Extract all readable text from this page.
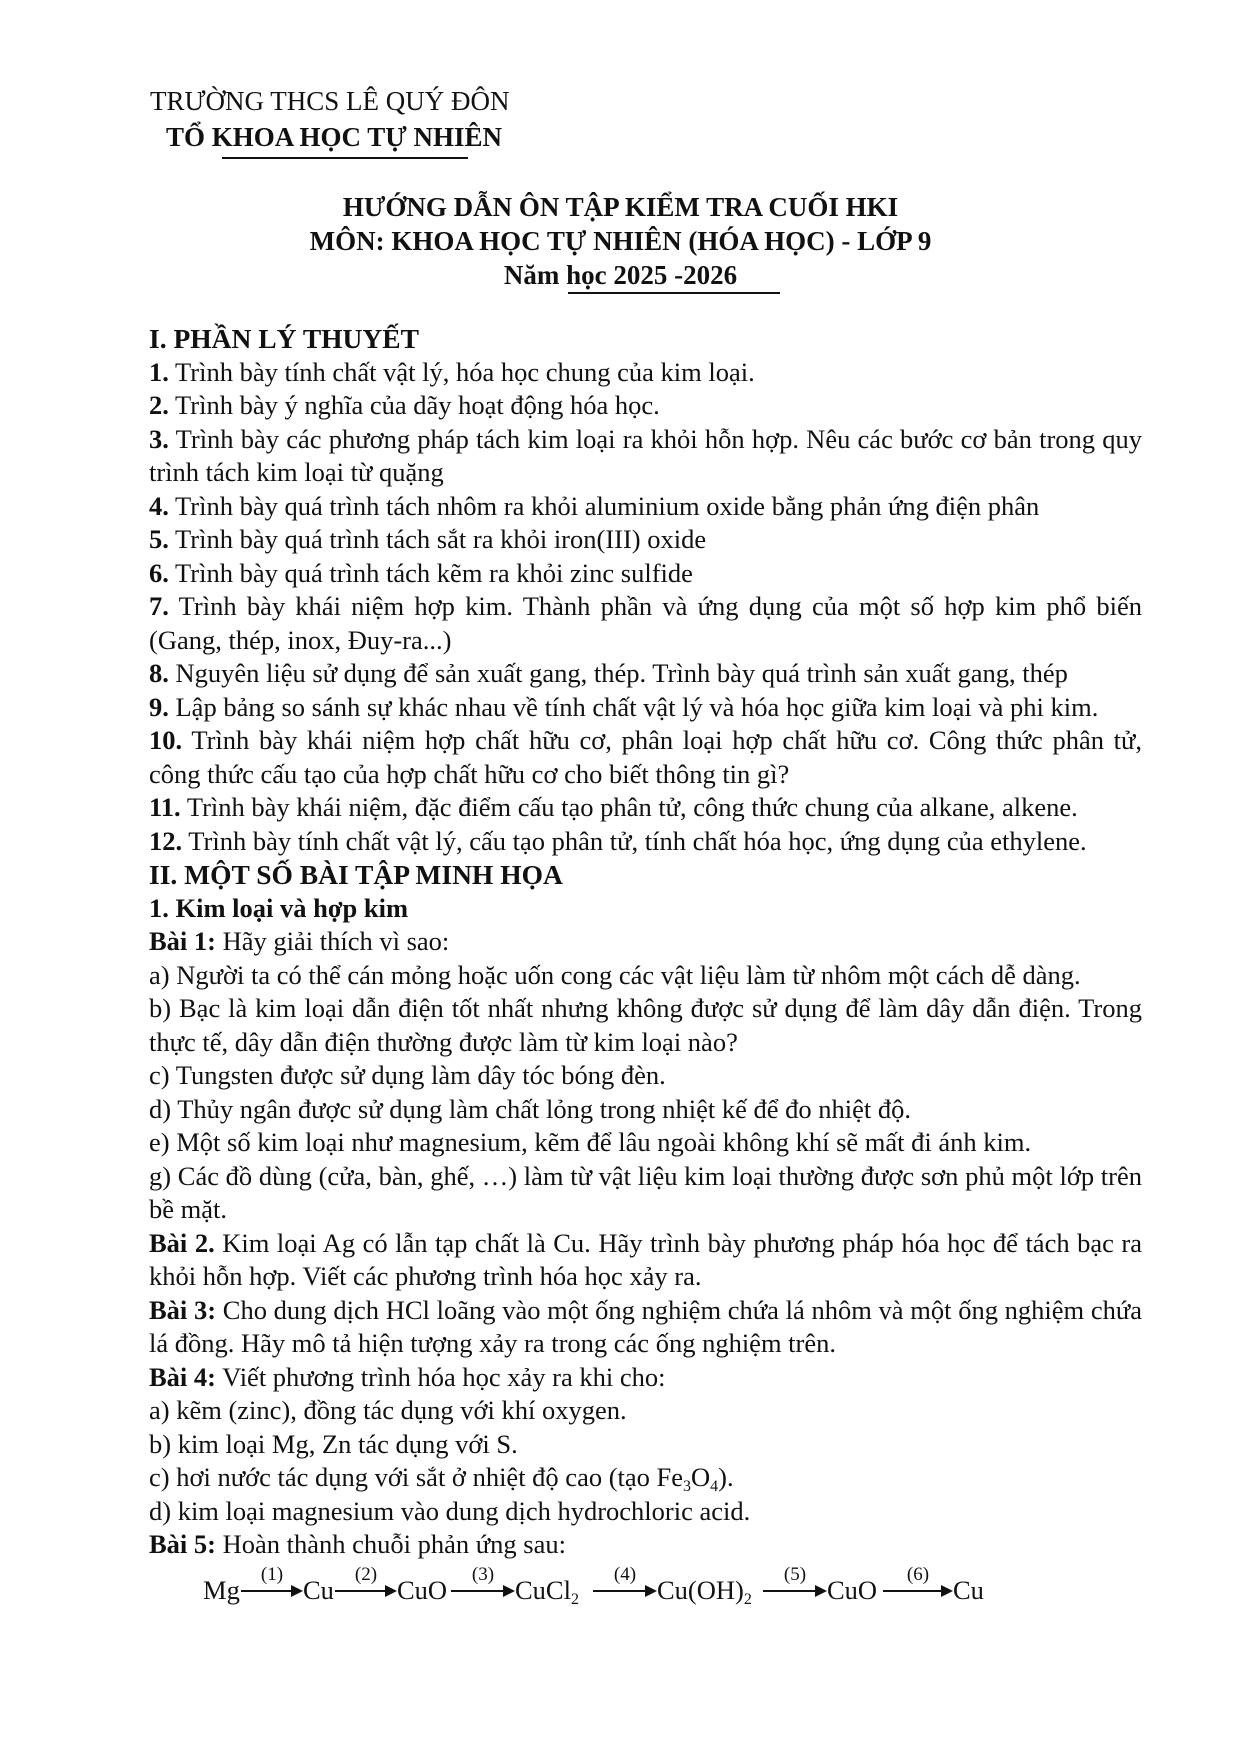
TRƯỜNG THCS LÊ QUÝ ĐÔN
TỔ KHOA HỌC TỰ NHIÊN
HƯỚNG DẪN ÔN TẬP KIỂM TRA CUỐI HKI
MÔN: KHOA HỌC TỰ NHIÊN (HÓA HỌC) - LỚP 9
Năm học 2025 -2026

I. PHẦN LÝ THUYẾT

1. Trình bày tính chất vật lý, hóa học chung của kim loại.

2. Trình bày ý nghĩa của dãy hoạt động hóa học.

3. Trình bày các phương pháp tách kim loại ra khỏi hỗn hợp. Nêu các bước cơ bản trong quy trình tách kim loại từ quặng

4. Trình bày quá trình tách nhôm ra khỏi aluminium oxide bằng phản ứng điện phân

5. Trình bày quá trình tách sắt ra khỏi iron(III) oxide

6. Trình bày quá trình tách kẽm ra khỏi zinc sulfide

7. Trình bày khái niệm hợp kim. Thành phần và ứng dụng của một số hợp kim phổ biến (Gang, thép, inox, Đuy-ra...)

8. Nguyên liệu sử dụng để sản xuất gang, thép. Trình bày quá trình sản xuất gang, thép

9. Lập bảng so sánh sự khác nhau về tính chất vật lý và hóa học giữa kim loại và phi kim.

10. Trình bày khái niệm hợp chất hữu cơ, phân loại hợp chất hữu cơ. Công thức phân tử, công thức cấu tạo của hợp chất hữu cơ cho biết thông tin gì?

11. Trình bày khái niệm, đặc điểm cấu tạo phân tử, công thức chung của alkane, alkene.

12. Trình bày tính chất vật lý, cấu tạo phân tử, tính chất hóa học, ứng dụng của ethylene.

II. MỘT SỐ BÀI TẬP MINH HỌA

1. Kim loại và hợp kim

Bài 1: Hãy giải thích vì sao:

a) Người ta có thể cán mỏng hoặc uốn cong các vật liệu làm từ nhôm một cách dễ dàng.

b) Bạc là kim loại dẫn điện tốt nhất nhưng không được sử dụng để làm dây dẫn điện. Trong thực tế, dây dẫn điện thường được làm từ kim loại nào?

c) Tungsten được sử dụng làm dây tóc bóng đèn.

d) Thủy ngân được sử dụng làm chất lỏng trong nhiệt kế để đo nhiệt độ.

e) Một số kim loại như magnesium, kẽm để lâu ngoài không khí sẽ mất đi ánh kim.

g) Các đồ dùng (cửa, bàn, ghế, …) làm từ vật liệu kim loại thường được sơn phủ một lớp trên bề mặt.

Bài 2. Kim loại Ag có lẫn tạp chất là Cu. Hãy trình bày phương pháp hóa học để tách bạc ra khỏi hỗn hợp. Viết các phương trình hóa học xảy ra.

Bài 3: Cho dung dịch HCl loãng vào một ống nghiệm chứa lá nhôm và một ống nghiệm chứa lá đồng. Hãy mô tả hiện tượng xảy ra trong các ống nghiệm trên.

Bài 4: Viết phương trình hóa học xảy ra khi cho:

a) kẽm (zinc), đồng tác dụng với khí oxygen.

b) kim loại Mg, Zn tác dụng với S.

c) hơi nước tác dụng với sắt ở nhiệt độ cao (tạo $Fe_3O_4$).

d) kim loại magnesium vào dung dịch hydrochloric acid.

Bài 5: Hoàn thành chuỗi phản ứng sau:

Mg
(1)
Cu
(2)
CuO
(3)
CuCl$_2$
(4)
$Cu(OH)_2$
(5)
CuO
(6)
Cu
